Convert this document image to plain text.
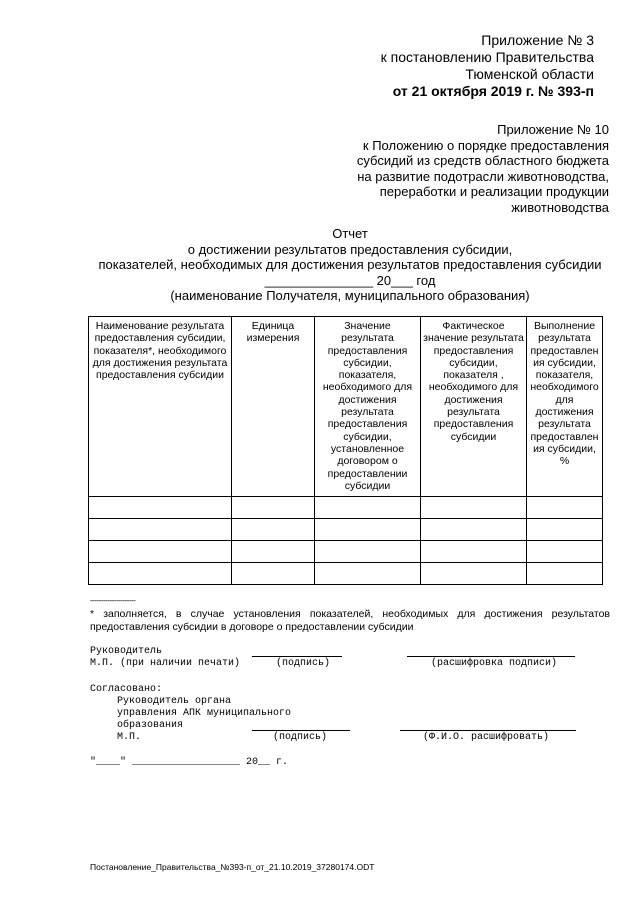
Приложение № 3
к постановлению Правительства
Тюменской области
от 21 октября 2019 г. № 393-п
Приложение № 10
к Положению о порядке предоставления
субсидий из средств областного бюджета
на развитие подотрасли животноводства,
переработки и реализации продукции
животноводства
Отчет
о достижении результатов предоставления субсидии,
показателей, необходимых для достижения результатов предоставления субсидии
_______________ 20___ год
(наименование Получателя, муниципального образования)
Наименование результата предоставления субсидии, показателя*, необходимого для достижения результата предоставления субсидии	Единица измерения	Значение результата предоставления субсидии, показателя, необходимого для достижения результата предоставления субсидии, установленное договором о предоставлении субсидии	Фактическое значение результата предоставления субсидии, показателя , необходимого для достижения результата предоставления субсидии	Выполнение результата предоставления субсидии, показателя, необходимого для достижения результата предоставления субсидии, %

---------------------
* заполняется, в случае установления показателей, необходимых для достижения результатов предоставления субсидии в договоре о предоставлении субсидии
Руководитель
М.П. (при наличии печати)	(подпись)	(расшифровка подписи)
Согласовано:
Руководитель органа
управления АПК муниципального
образования
М.П.	(подпись)	(Ф.И.О. расшифровать)
"____" __________________ 20__ г.
Постановление_Правительства_№393-п_от_21.10.2019_37280174.ODT
